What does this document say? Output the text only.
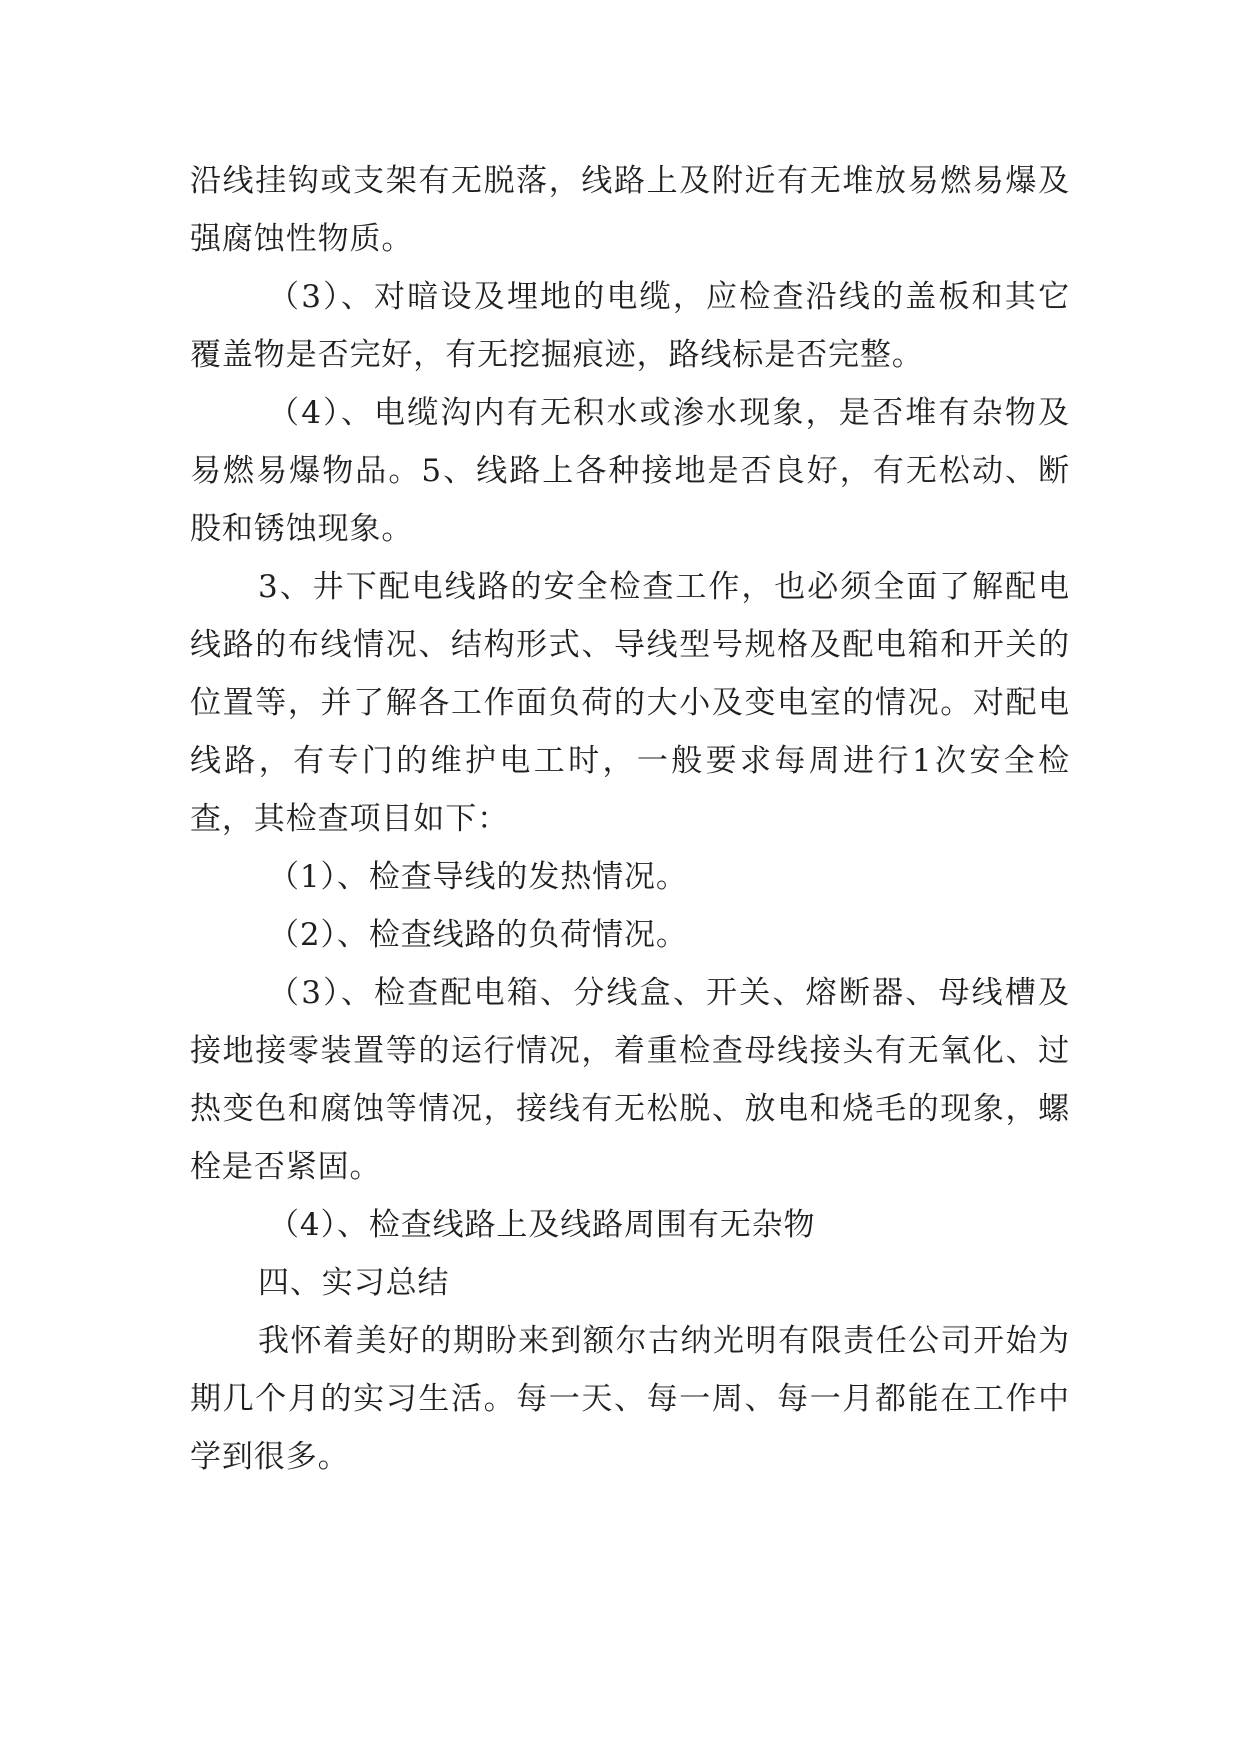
沿线挂钩或支架有无脱落，线路上及附近有无堆放易燃易爆及强腐蚀性物质。

（3）、对暗设及埋地的电缆，应检查沿线的盖板和其它覆盖物是否完好，有无挖掘痕迹，路线标是否完整。

（4）、电缆沟内有无积水或渗水现象，是否堆有杂物及易燃易爆物品。5、线路上各种接地是否良好，有无松动、断股和锈蚀现象。

3、井下配电线路的安全检查工作，也必须全面了解配电线路的布线情况、结构形式、导线型号规格及配电箱和开关的位置等，并了解各工作面负荷的大小及变电室的情况。对配电线路，有专门的维护电工时，一般要求每周进行1次安全检查，其检查项目如下：

（1）、检查导线的发热情况。

（2）、检查线路的负荷情况。

（3）、检查配电箱、分线盒、开关、熔断器、母线槽及接地接零装置等的运行情况，着重检查母线接头有无氧化、过热变色和腐蚀等情况，接线有无松脱、放电和烧毛的现象，螺栓是否紧固。

（4）、检查线路上及线路周围有无杂物

四、实习总结

我怀着美好的期盼来到额尔古纳光明有限责任公司开始为期几个月的实习生活。每一天、每一周、每一月都能在工作中学到很多。
